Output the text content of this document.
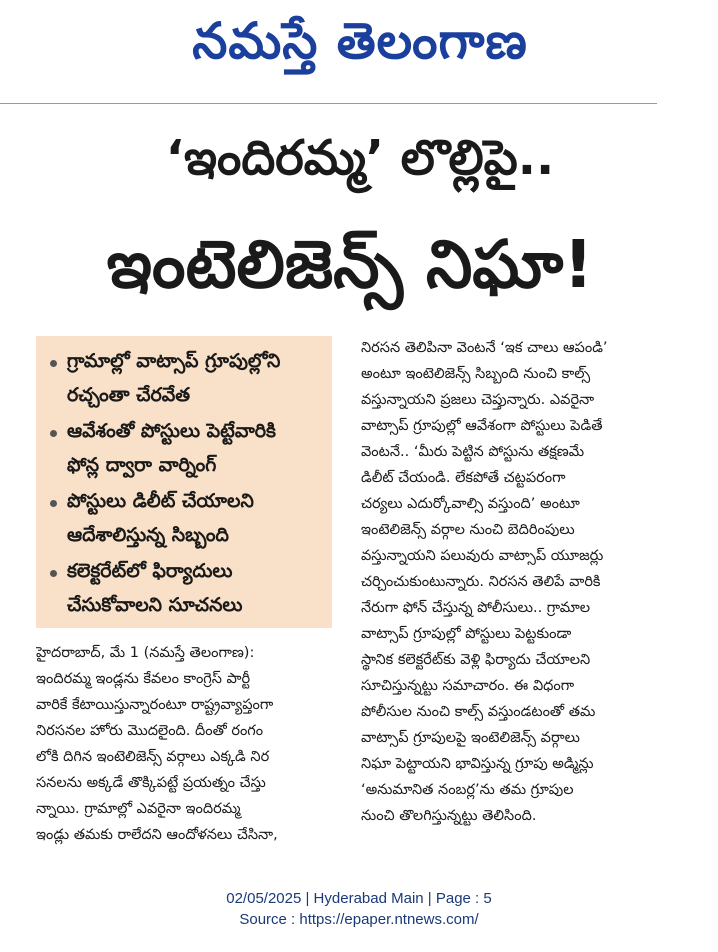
నమస్తే తెలంగాణ
‘ఇందిరమ్మ’ లొల్లిపై..
ఇంటెలిజెన్స్ నిఘా!
గ్రామాల్లో వాట్సాప్ గ్రూపుల్లోని
రచ్చంతా చేరవేత
ఆవేశంతో పోస్టులు పెట్టేవారికి
ఫోన్ల ద్వారా వార్నింగ్
పోస్టులు డిలీట్ చేయాలని
ఆదేశాలిస్తున్న సిబ్బంది
కలెక్టరేట్‌లో ఫిర్యాదులు
చేసుకోవాలని సూచనలు
హైదరాబాద్, మే 1 (నమస్తే తెలంగాణ):
ఇందిరమ్మ ఇండ్లను కేవలం కాంగ్రెస్ పార్టీ
వారికే కేటాయిస్తున్నారంటూ రాష్ట్రవ్యాప్తంగా
నిరసనల హోరు మొదలైంది. దీంతో రంగం
లోకి దిగిన ఇంటెలిజెన్స్ వర్గాలు ఎక్కడి నిర
సనలను అక్కడే తొక్కిపట్టే ప్రయత్నం చేస్తు
న్నాయి. గ్రామాల్లో ఎవరైనా ఇందిరమ్మ
ఇండ్లు తమకు రాలేదని ఆందోళనలు చేసినా,
నిరసన తెలిపినా వెంటనే ‘ఇక చాలు ఆపండి’
అంటూ ఇంటెలిజెన్స్ సిబ్బంది నుంచి కాల్స్
వస్తున్నాయని ప్రజలు చెప్తున్నారు. ఎవరైనా
వాట్సాప్ గ్రూపుల్లో ఆవేశంగా పోస్టులు పెడితే
వెంటనే.. ‘మీరు పెట్టిన పోస్టును తక్షణమే
డిలీట్ చేయండి. లేకపోతే చట్టపరంగా
చర్యలు ఎదుర్కోవాల్సి వస్తుంది’ అంటూ
ఇంటెలిజెన్స్ వర్గాల నుంచి బెదిరింపులు
వస్తున్నాయని పలువురు వాట్సాప్ యూజర్లు
చర్చించుకుంటున్నారు. నిరసన తెలిపే వారికి
నేరుగా ఫోన్ చేస్తున్న పోలీసులు.. గ్రామాల
వాట్సాప్ గ్రూపుల్లో పోస్టులు పెట్టకుండా
స్థానిక కలెక్టరేట్‌కు వెళ్లి ఫిర్యాదు చేయాలని
సూచిస్తున్నట్టు సమాచారం. ఈ విధంగా
పోలీసుల నుంచి కాల్స్ వస్తుండటంతో తమ
వాట్సాప్ గ్రూపులపై ఇంటెలిజెన్స్ వర్గాలు
నిఘా పెట్టాయని భావిస్తున్న గ్రూపు అడ్మిన్లు
‘అనుమానిత నంబర్ల’ను తమ గ్రూపుల
నుంచి తొలగిస్తున్నట్టు తెలిసింది.
02/05/2025 | Hyderabad Main | Page : 5
Source : https://epaper.ntnews.com/
